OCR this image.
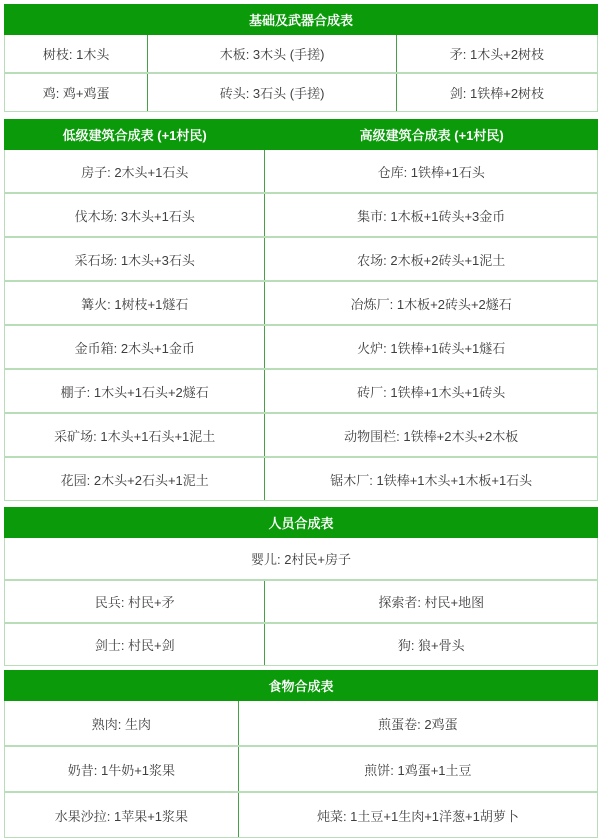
基础及武器合成表
树枝: 1木头	木板: 3木头 (手搓)	矛: 1木头+2树枝
鸡: 鸡+鸡蛋	砖头: 3石头 (手搓)	剑: 1铁棒+2树枝
低级建筑合成表 (+1村民)	高级建筑合成表 (+1村民)
房子: 2木头+1石头	仓库: 1铁棒+1石头
伐木场: 3木头+1石头	集市: 1木板+1砖头+3金币
采石场: 1木头+3石头	农场: 2木板+2砖头+1泥土
篝火: 1树枝+1燧石	冶炼厂: 1木板+2砖头+2燧石
金币箱: 2木头+1金币	火炉: 1铁棒+1砖头+1燧石
棚子: 1木头+1石头+2燧石	砖厂: 1铁棒+1木头+1砖头
采矿场: 1木头+1石头+1泥土	动物围栏: 1铁棒+2木头+2木板
花园: 2木头+2石头+1泥土	锯木厂: 1铁棒+1木头+1木板+1石头
人员合成表
婴儿: 2村民+房子
民兵: 村民+矛	探索者: 村民+地图
剑士: 村民+剑	狗: 狼+骨头
食物合成表
熟肉: 生肉	煎蛋卷: 2鸡蛋
奶昔: 1牛奶+1浆果	煎饼: 1鸡蛋+1土豆
水果沙拉: 1苹果+1浆果	炖菜: 1土豆+1生肉+1洋葱+1胡萝卜
